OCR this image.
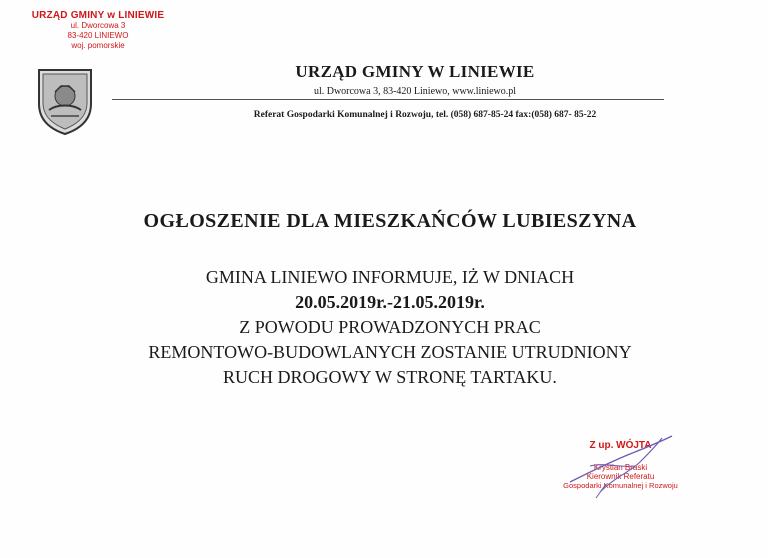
URZĄD GMINY w LINIEWIE
ul. Dworcowa 3
83-420 LINIEWO
woj. pomorskie
URZĄD GMINY W LINIEWIE
ul. Dworcowa 3, 83-420 Liniewo, www.liniewo.pl
Referat Gospodarki Komunalnej i Rozwoju, tel. (058) 687-85-24 fax:(058) 687- 85-22
OGŁOSZENIE DLA MIESZKAŃCÓW LUBIESZYNA
GMINA LINIEWO INFORMUJE, IŻ W DNIACH
20.05.2019r.-21.05.2019r.
Z POWODU PROWADZONYCH PRAC
REMONTOWO-BUDOWLANYCH ZOSTANIE UTRUDNIONY
RUCH DROGOWY W STRONĘ TARTAKU.
Z up. WÓJTA
Krystian Braski
Kierownik Referatu
Gospodarki Komunalnej i Rozwoju
